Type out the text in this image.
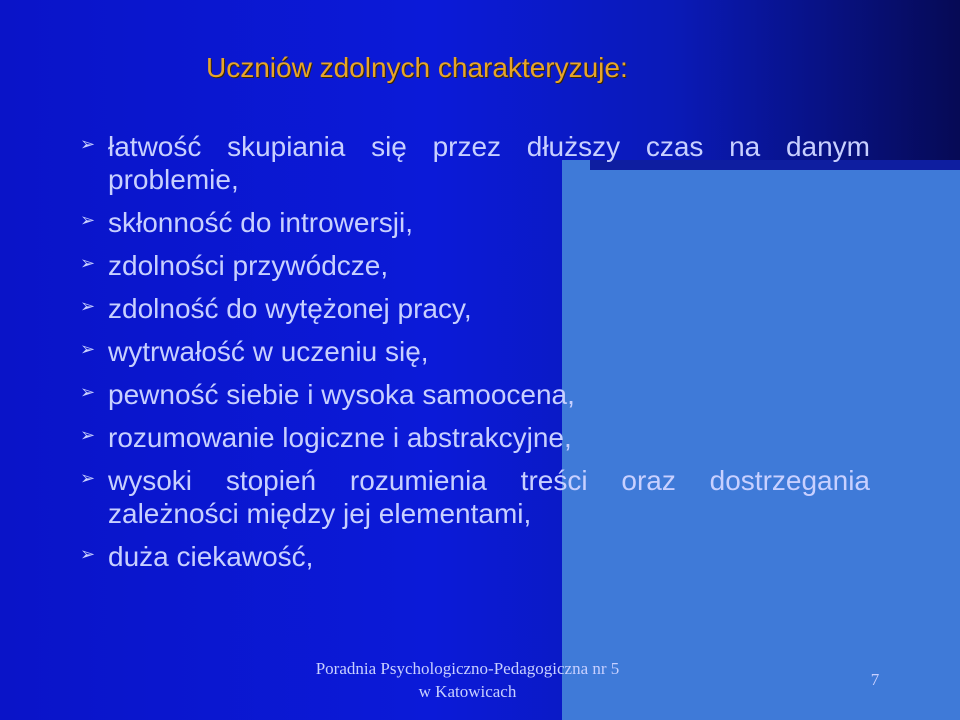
Uczniów zdolnych charakteryzuje:
➢ łatwość skupiania się przez dłuższy czas na danym problemie,
➢ skłonność do introwersji,
➢ zdolności przywódcze,
➢ zdolność do wytężonej pracy,
➢ wytrwałość w uczeniu się,
➢ pewność siebie i wysoka samoocena,
➢ rozumowanie logiczne i abstrakcyjne,
➢ wysoki stopień rozumienia treści oraz dostrzegania zależności między jej elementami,
➢ duża ciekawość,
Poradnia Psychologiczno-Pedagogiczna nr 5
w Katowicach
7
